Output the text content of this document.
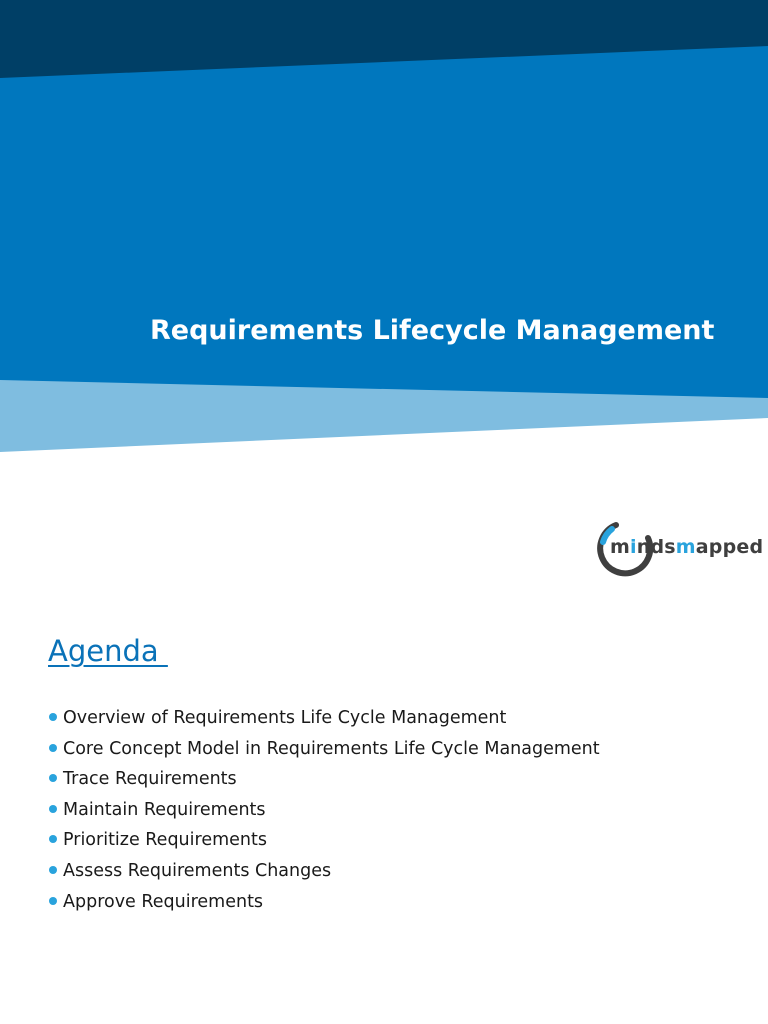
Requirements Lifecycle Management
mindsmapped
Agenda
Overview of Requirements Life Cycle Management
Core Concept Model in Requirements Life Cycle Management
Trace Requirements
Maintain Requirements
Prioritize Requirements
Assess Requirements Changes
Approve Requirements
